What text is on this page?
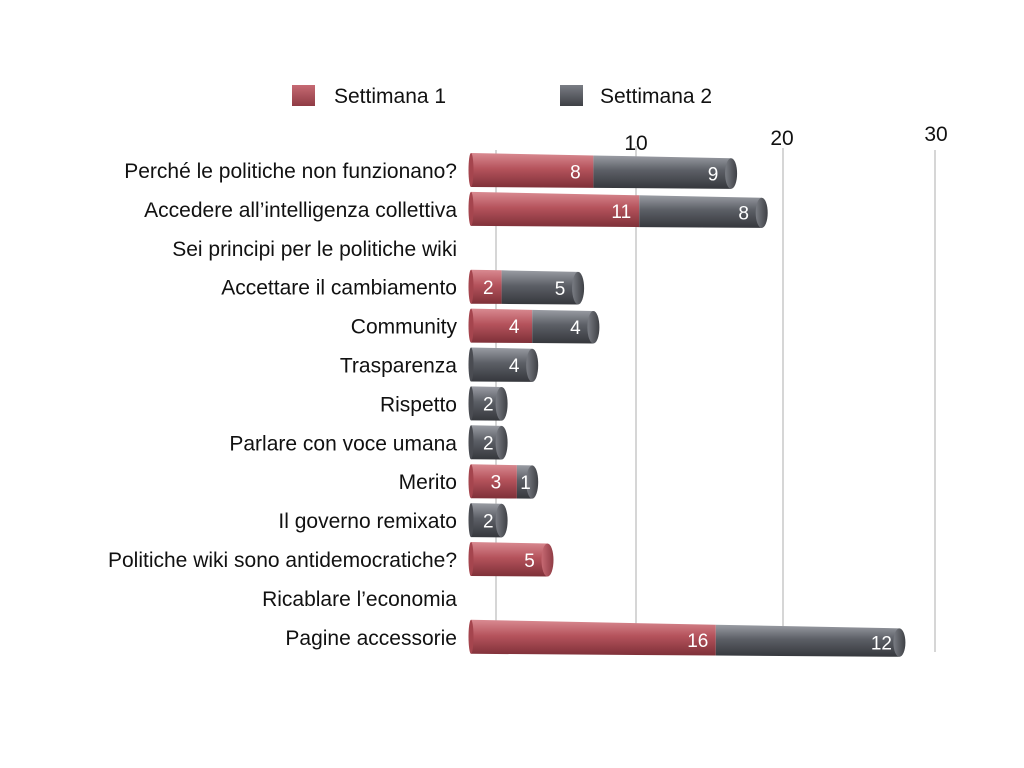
10	20	30
Settimana 1	Settimana 2
Perché le politiche non funzionano?
Accedere all’intelligenza collettiva
Sei principi per le politiche wiki
Accettare il cambiamento
Community
Trasparenza
Rispetto
Parlare con voce umana
Merito
Il governo remixato
Politiche wiki sono antidemocratiche?
Ricablare l’economia
Pagine accessorie
8	9
11	8
2	5
4	4
4
2
2
3 1
2
5
16	12
